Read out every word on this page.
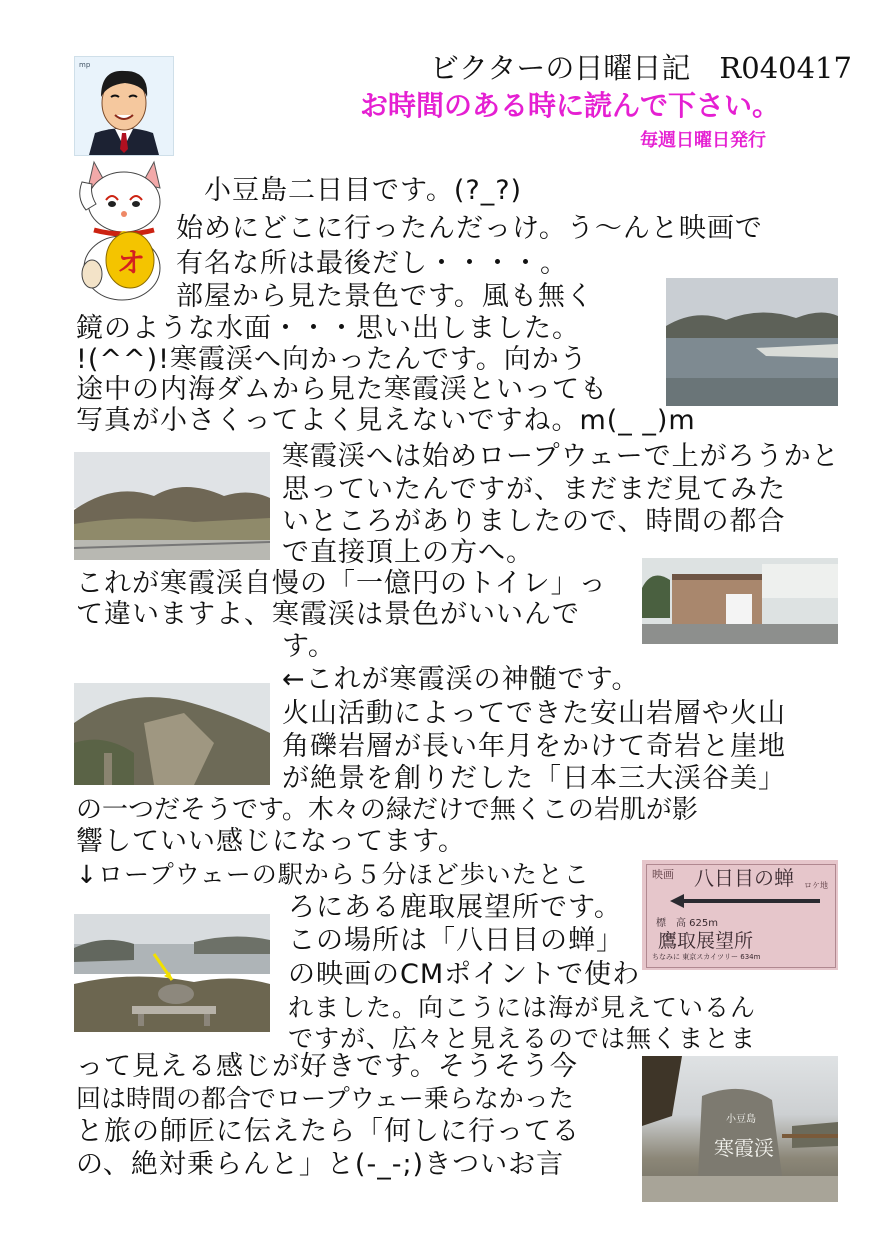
ビクターの日曜日記　R040417
お時間のある時に読んで下さい。
毎週日曜日発行
mp
オ
映画 八日目の蝉 ロケ地
標　高 625m
鷹取展望所
ちなみに 東京スカイツリー 634m
小豆島
寒霞渓
　小豆島二日目です。(?_?)
始めにどこに行ったんだっけ。う～んと映画で
有名な所は最後だし・・・・。
部屋から見た景色です。風も無く
鏡のような水面・・・思い出しました。
!(^^)!寒霞渓へ向かったんです。向かう
途中の内海ダムから見た寒霞渓といっても
写真が小さくってよく見えないですね。m(_ _)m
寒霞渓へは始めロープウェーで上がろうかと
思っていたんですが、まだまだ見てみた
いところがありましたので、時間の都合
で直接頂上の方へ。
これが寒霞渓自慢の「一億円のトイレ」っ
て違いますよ、寒霞渓は景色がいいんで
す。
←これが寒霞渓の神髄です。
火山活動によってできた安山岩層や火山
角礫岩層が長い年月をかけて奇岩と崖地
が絶景を創りだした「日本三大渓谷美」
の一つだそうです。木々の緑だけで無くこの岩肌が影
響していい感じになってます。
↓ロープウェーの駅から５分ほど歩いたとこ
ろにある鹿取展望所です。
この場所は「八日目の蝉」
の映画のCMポイントで使わ
れました。向こうには海が見えているん
ですが、広々と見えるのでは無くまとま
って見える感じが好きです。そうそう今
回は時間の都合でロープウェー乗らなかった
と旅の師匠に伝えたら「何しに行ってる
の、絶対乗らんと」と(-_-;)きついお言
